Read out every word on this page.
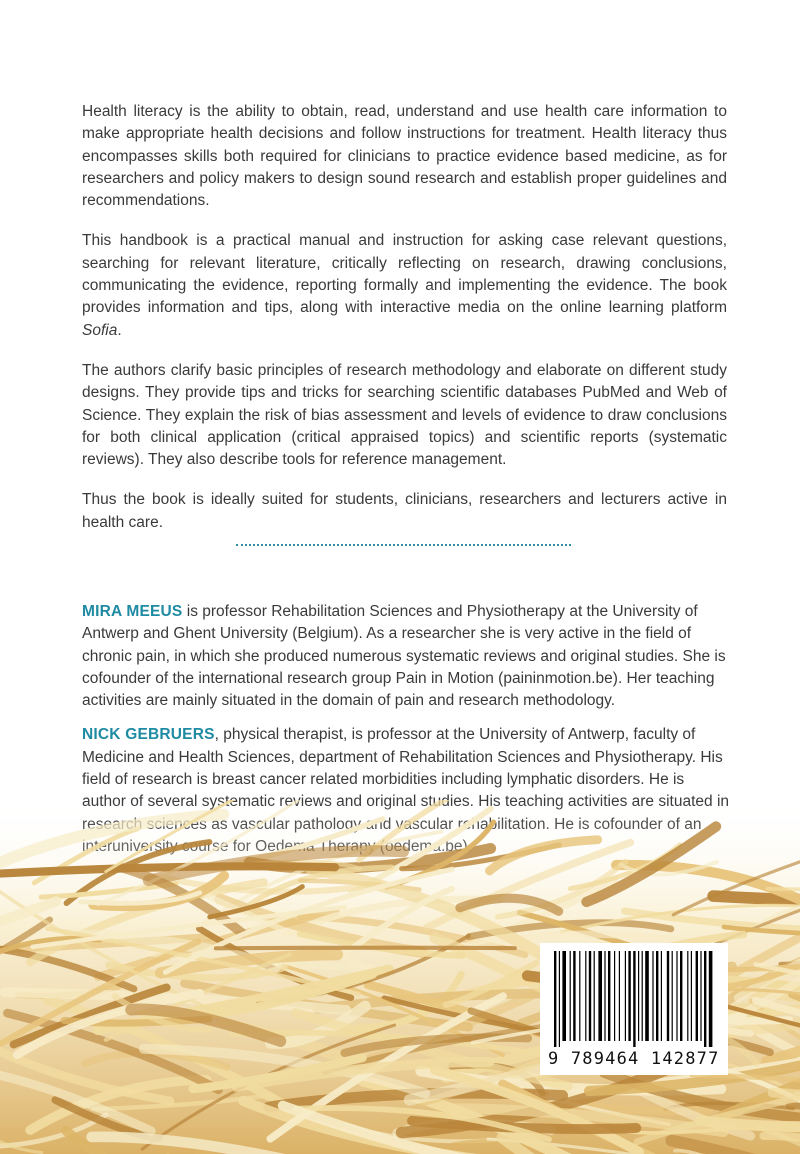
Health literacy is the ability to obtain, read, understand and use health care information to make appropriate health decisions and follow instructions for treatment. Health literacy thus encompasses skills both required for clinicians to practice evidence based medicine, as for researchers and policy makers to design sound research and establish proper guidelines and recommendations.

This handbook is a practical manual and instruction for asking case relevant questions, searching for relevant literature, critically reflecting on research, drawing conclusions, communicating the evidence, reporting formally and implementing the evidence. The book provides information and tips, along with interactive media on the online learning platform Sofia.

The authors clarify basic principles of research methodology and elaborate on different study designs. They provide tips and tricks for searching scientific databases PubMed and Web of Science. They explain the risk of bias assessment and levels of evidence to draw conclusions for both clinical application (critical appraised topics) and scientific reports (systematic reviews). They also describe tools for reference management.

Thus the book is ideally suited for students, clinicians, researchers and lecturers active in health care.

MIRA MEEUS is professor Rehabilitation Sciences and Physiotherapy at the University of Antwerp and Ghent University (Belgium). As a researcher she is very active in the field of chronic pain, in which she produced numerous systematic reviews and original studies. She is cofounder of the international research group Pain in Motion (paininmotion.be). Her teaching activities are mainly situated in the domain of pain and research methodology.

NICK GEBRUERS, physical therapist, is professor at the University of Antwerp, faculty of Medicine and Health Sciences, department of Rehabilitation Sciences and Physiotherapy. His field of research is breast cancer related morbidities including lymphatic disorders. He is

9 789464 142877
